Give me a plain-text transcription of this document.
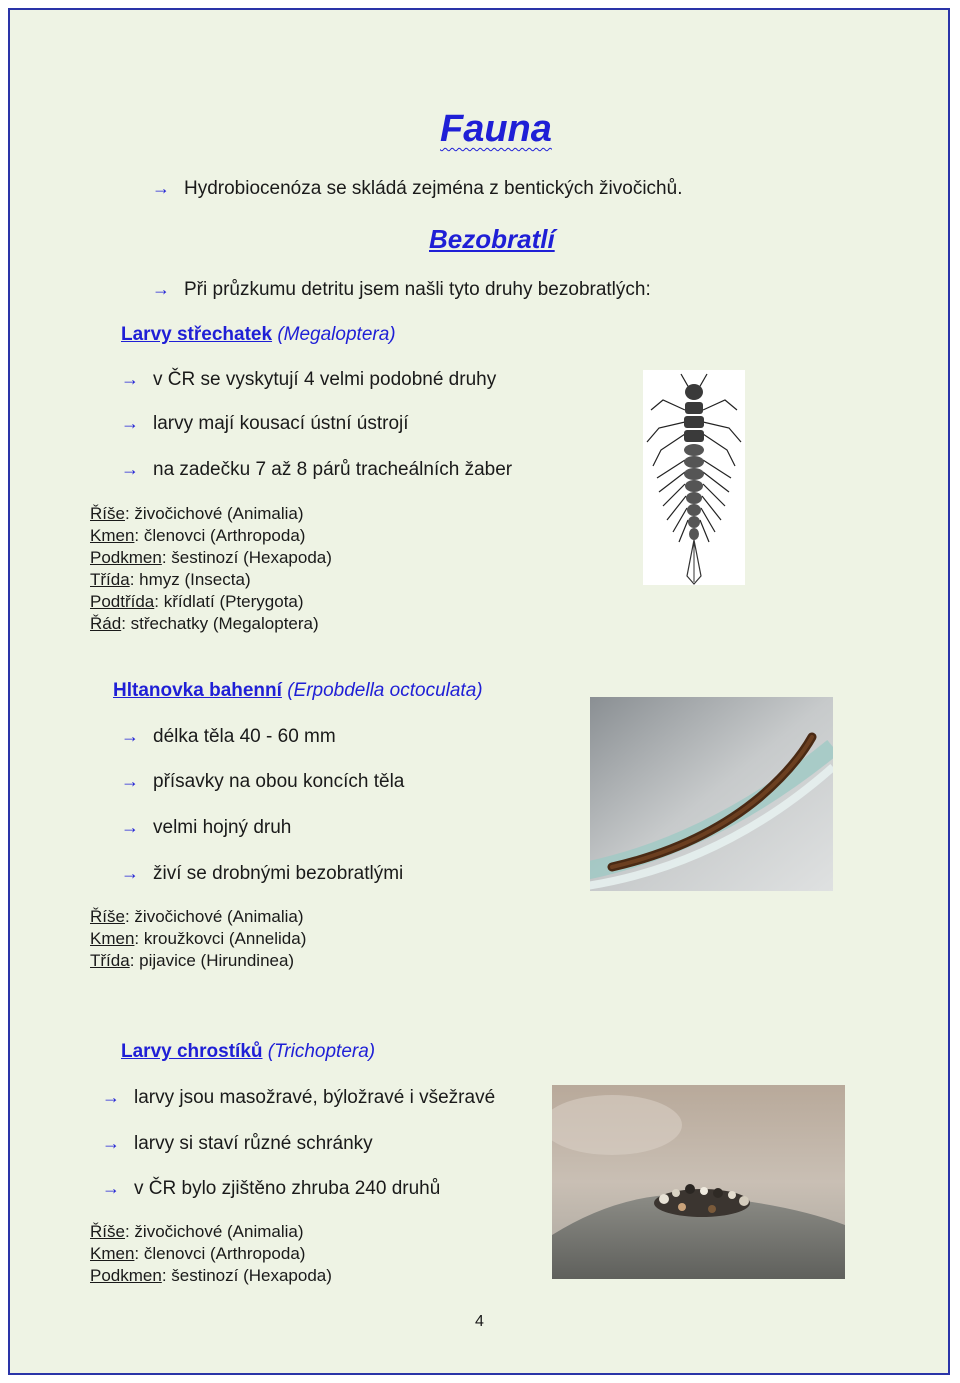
Fauna
→ Hydrobiocenóza se skládá zejména z bentických živočichů.
Bezobratlí
→ Při průzkumu detritu jsem našli tyto druhy bezobratlých:
Larvy střechatek (Megaloptera)
→ v ČR se vyskytují 4 velmi podobné druhy
→ larvy mají kousací ústní ústrojí
→ na zadečku 7 až 8 párů tracheálních žaber
Říše: živočichové (Animalia)
Kmen: členovci (Arthropoda)
Podkmen: šestinozí (Hexapoda)
Třída: hmyz (Insecta)
Podtřída: křídlatí (Pterygota)
Řád: střechatky (Megaloptera)
Hltanovka bahenní (Erpobdella octoculata)
→ délka těla 40 - 60 mm
→ přísavky na obou koncích těla
→ velmi hojný druh
→ živí se drobnými bezobratlými
Říše: živočichové (Animalia)
Kmen: kroužkovci (Annelida)
Třída: pijavice (Hirundinea)
Larvy chrostíků (Trichoptera)
→ larvy jsou masožravé, býložravé i všežravé
→ larvy si staví různé schránky
→ v ČR bylo zjištěno zhruba 240 druhů
Říše: živočichové (Animalia)
Kmen: členovci (Arthropoda)
Podkmen: šestinozí (Hexapoda)
4
